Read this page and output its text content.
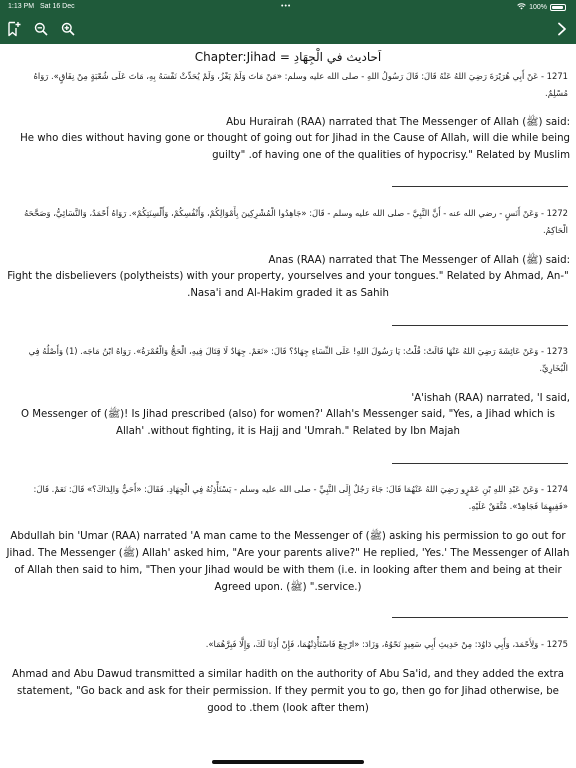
1:13 PM Sat 16 Dec	•••	100%
Chapter:Jihad = اَحاديث في الْجِهَادِ
1271 - عَنْ أَبِي هُرَيْرَةَ رَضِيَ اللهُ عَنْهُ قَالَ: قَالَ رَسُولُ اللهِ - صلى الله عليه وسلم: «مَنْ مَاتَ وَلَمْ يَغْزُ، وَلَمْ يُحَدِّثْ نَفْسَهُ بِهِ، مَاتَ عَلَى شُعْبَةٍ مِنْ نِفَاقٍ». رَوَاهُ مُسْلِمٌ.
:said (ﷺ) Abu Hurairah (RAA) narrated that The Messenger of Allah
He who dies without having gone or thought of going out for Jihad in the Cause of Allah, will die while being guilty" .of having one of the qualities of hypocrisy." Related by Muslim
1272 - وَعَنْ أَنَسٍ - رضي الله عنه - أَنَّ النَّبِيَّ - صلى الله عليه وسلم - قَالَ: «جَاهِدُوا الْمُشْرِكِينَ بِأَمْوَالِكُمْ، وَأَنْفُسِكُمْ، وَأَلْسِنَتِكُمْ». رَوَاهُ أَحْمَدُ، وَالنَّسَائِيُّ، وَصَحَّحَهُ الْحَاكِمُ.
:said (ﷺ) Anas (RAA) narrated that The Messenger of Allah
Fight the disbelievers (polytheists) with your property, yourselves and your tongues." Related by Ahmad, An-" .Nasa'i and Al-Hakim graded it as Sahih
1273 - وَعَنْ عَائِشَةَ رَضِيَ اللهُ عَنْهَا قَالَتْ: قُلْتُ: يَا رَسُولَ اللهِ! عَلَى النِّسَاءِ جِهَادٌ؟ قَالَ: «نَعَمْ. جِهَادٌ لَا قِتَالَ فِيهِ، الْحَجُّ وَالْعُمْرَةُ». رَوَاهُ ابْنُ مَاجَه. (1) وَأَصْلُهُ فِي الْبُخَارِيِّ.
,A'ishah (RAA) narrated, 'I said'
Is Jihad prescribed (also) for women?' Allah's Messenger said, "Yes, a Jihad which is !(ﷺ) O Messenger of Allah' .without fighting, it is Hajj and 'Umrah." Related by Ibn Majah
1274 - وَعَنْ عَبْدِ اللهِ بْنِ عَمْرٍو رَضِيَ اللهُ عَنْهُمَا قَالَ: جَاءَ رَجُلٌ إِلَى النَّبِيِّ - صلى الله عليه وسلم - يَسْتَأْذِنُهُ فِي الْجِهَادِ. فَقَالَ: «أَحَيٌّ وَالِدَاكَ؟» قَالَ: نَعَمْ. قَالَ: «فَفِيهِمَا فَجَاهِدْ». مُتَّفَقٌ عَلَيْهِ.
asking his permission to go out for (ﷺ) Abdullah bin 'Umar (RAA) narrated 'A man came to the Messenger of Allah' asked him, "Are your parents alive?" He replied, 'Yes.' The Messenger of Allah (ﷺ) Jihad. The Messenger of Allah then said to him, "Then your Jihad would be with them (i.e. in looking after them and being at their service.)." (ﷺ) .Agreed upon
1275 - وَلِأَحْمَدَ، وَأَبِي دَاوُدَ: مِنْ حَدِيثِ أَبِي سَعِيدٍ نَحْوُهُ، وَزَادَ: «ارْجِعْ فَاسْتَأْذِنْهُمَا، فَإِنْ أَذِنَا لَكَ، وَإِلَّا فَبِرَّهُمَا».
Ahmad and Abu Dawud transmitted a similar hadith on the authority of Abu Sa'id, and they added the extra statement, "Go back and ask for their permission. If they permit you to go, then go for Jihad otherwise, be good to .them (look after them)
